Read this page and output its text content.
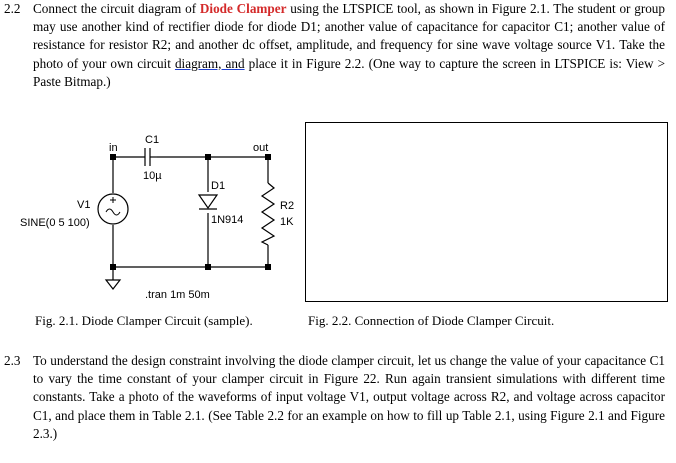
2.2 Connect the circuit diagram of Diode Clamper using the LTSPICE tool, as shown in Figure 2.1. The student or group may use another kind of rectifier diode for diode D1; another value of capacitance for capacitor C1; another value of resistance for resistor R2; and another dc offset, amplitude, and frequency for sine wave voltage source V1. Take the photo of your own circuit diagram, and place it in Figure 2.2. (One way to capture the screen in LTSPICE is: View > Paste Bitmap.)
in	out
C1
10µ
D1
1N914
R2
1K
V1
SINE(0 5 100)
.tran 1m 50m
Fig. 2.1. Diode Clamper Circuit (sample).	Fig. 2.2. Connection of Diode Clamper Circuit.
2.3 To understand the design constraint involving the diode clamper circuit, let us change the value of your capacitance C1 to vary the time constant of your clamper circuit in Figure 22. Run again transient simulations with different time constants. Take a photo of the waveforms of input voltage V1, output voltage across R2, and voltage across capacitor C1, and place them in Table 2.1. (See Table 2.2 for an example on how to fill up Table 2.1, using Figure 2.1 and Figure 2.3.)
